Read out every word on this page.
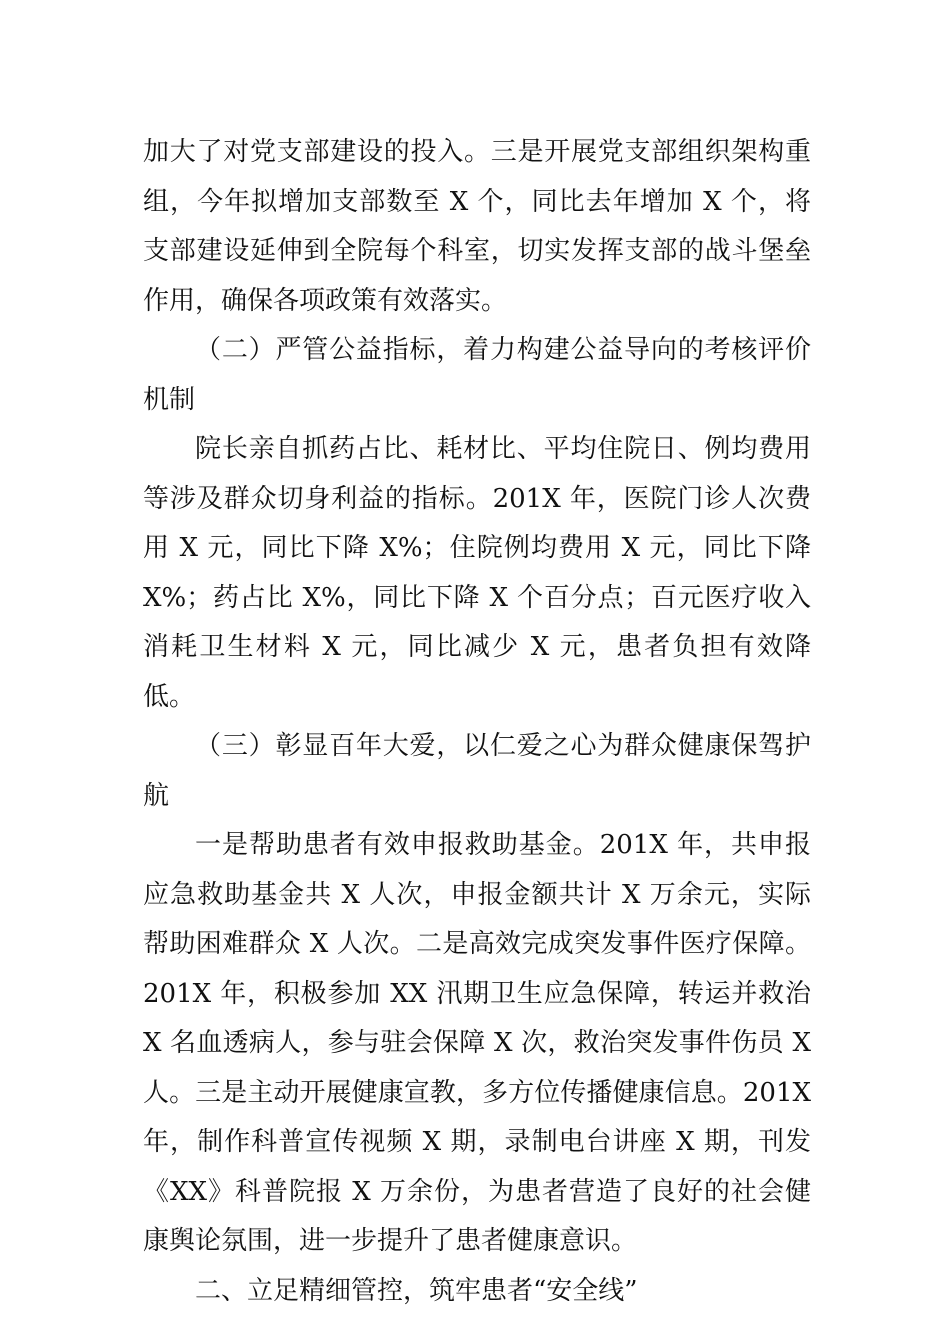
加大了对党支部建设的投入。三是开展党支部组织架构重组，今年拟增加支部数至 X 个，同比去年增加 X 个，将支部建设延伸到全院每个科室，切实发挥支部的战斗堡垒作用，确保各项政策有效落实。

（二）严管公益指标，着力构建公益导向的考核评价机制

院长亲自抓药占比、耗材比、平均住院日、例均费用等涉及群众切身利益的指标。201X 年，医院门诊人次费用 X 元，同比下降 X%；住院例均费用 X 元，同比下降 X%；药占比 X%，同比下降 X 个百分点；百元医疗收入消耗卫生材料 X 元，同比减少 X 元，患者负担有效降低。

（三）彰显百年大爱，以仁爱之心为群众健康保驾护航

一是帮助患者有效申报救助基金。201X 年，共申报应急救助基金共 X 人次，申报金额共计 X 万余元，实际帮助困难群众 X 人次。二是高效完成突发事件医疗保障。201X 年，积极参加 XX 汛期卫生应急保障，转运并救治 X 名血透病人，参与驻会保障 X 次，救治突发事件伤员 X 人。三是主动开展健康宣教，多方位传播健康信息。201X 年，制作科普宣传视频 X 期，录制电台讲座 X 期，刊发《XX》科普院报 X 万余份，为患者营造了良好的社会健康舆论氛围，进一步提升了患者健康意识。

二、立足精细管控，筑牢患者“安全线”
